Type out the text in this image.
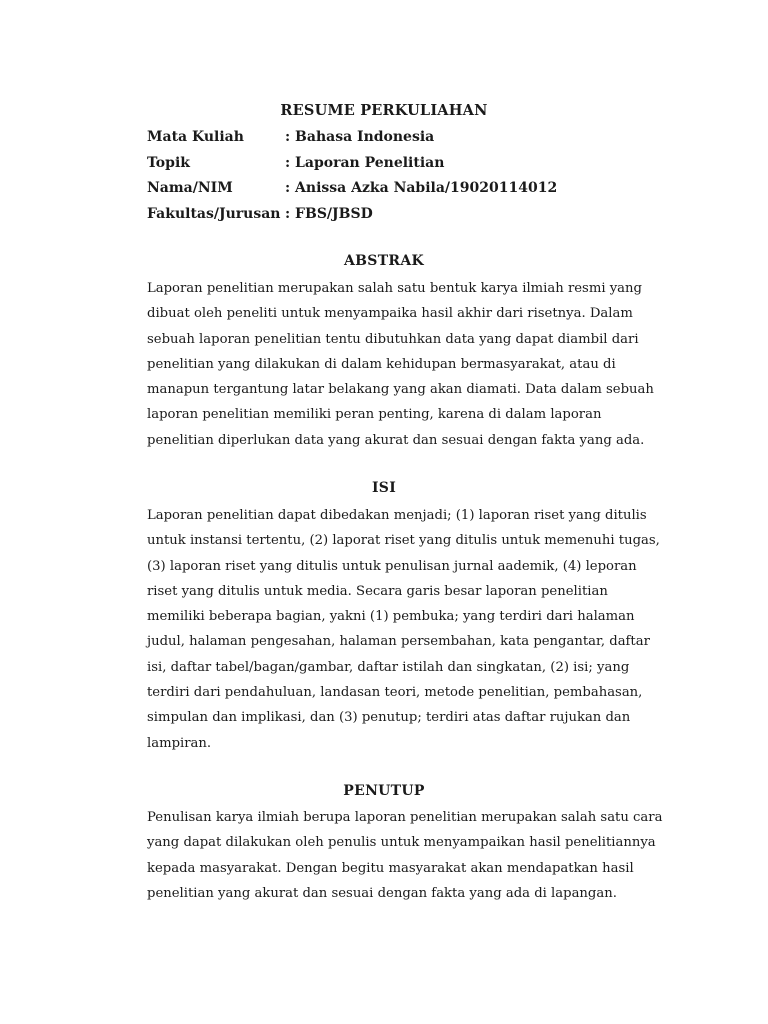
RESUME PERKULIAHAN
Mata Kuliah	: Bahasa Indonesia
Topik	: Laporan Penelitian
Nama/NIM	: Anissa Azka Nabila/19020114012
Fakultas/Jurusan : FBS/JBSD
ABSTRAK
Laporan penelitian merupakan salah satu bentuk karya ilmiah resmi yang
dibuat oleh peneliti untuk menyampaika hasil akhir dari risetnya. Dalam
sebuah laporan penelitian tentu dibutuhkan data yang dapat diambil dari
penelitian yang dilakukan di dalam kehidupan bermasyarakat, atau di
manapun tergantung latar belakang yang akan diamati. Data dalam sebuah
laporan penelitian memiliki peran penting, karena di dalam laporan
penelitian diperlukan data yang akurat dan sesuai dengan fakta yang ada.
ISI
Laporan penelitian dapat dibedakan menjadi; (1) laporan riset yang ditulis
untuk instansi tertentu, (2) laporat riset yang ditulis untuk memenuhi tugas,
(3) laporan riset yang ditulis untuk penulisan jurnal aademik, (4) leporan
riset yang ditulis untuk media. Secara garis besar laporan penelitian
memiliki beberapa bagian, yakni (1) pembuka; yang terdiri dari halaman
judul, halaman pengesahan, halaman persembahan, kata pengantar, daftar
isi, daftar tabel/bagan/gambar, daftar istilah dan singkatan, (2) isi; yang
terdiri dari pendahuluan, landasan teori, metode penelitian, pembahasan,
simpulan dan implikasi, dan (3) penutup; terdiri atas daftar rujukan dan
lampiran.
PENUTUP
Penulisan karya ilmiah berupa laporan penelitian merupakan salah satu cara
yang dapat dilakukan oleh penulis untuk menyampaikan hasil penelitiannya
kepada masyarakat. Dengan begitu masyarakat akan mendapatkan hasil
penelitian yang akurat dan sesuai dengan fakta yang ada di lapangan.
